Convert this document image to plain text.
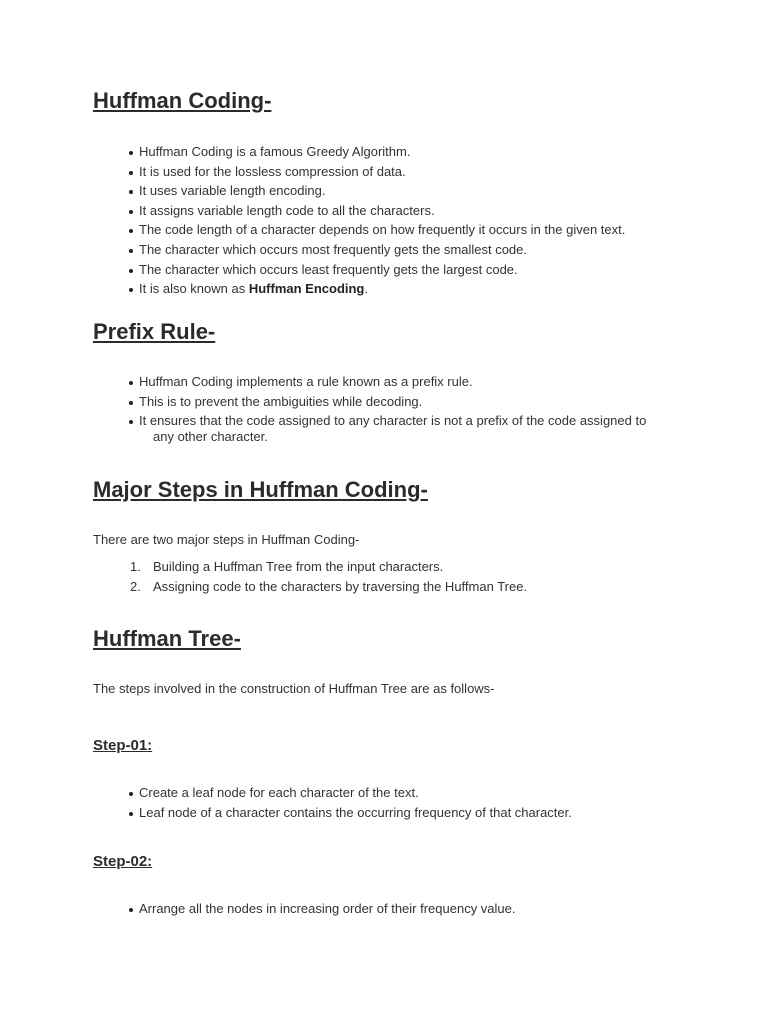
Huffman Coding-
Huffman Coding is a famous Greedy Algorithm.
It is used for the lossless compression of data.
It uses variable length encoding.
It assigns variable length code to all the characters.
The code length of a character depends on how frequently it occurs in the given text.
The character which occurs most frequently gets the smallest code.
The character which occurs least frequently gets the largest code.
It is also known as Huffman Encoding.
Prefix Rule-
Huffman Coding implements a rule known as a prefix rule.
This is to prevent the ambiguities while decoding.
It ensures that the code assigned to any character is not a prefix of the code assigned to any other character.
Major Steps in Huffman Coding-

There are two major steps in Huffman Coding-

1. Building a Huffman Tree from the input characters.
2. Assigning code to the characters by traversing the Huffman Tree.
Huffman Tree-

The steps involved in the construction of Huffman Tree are as follows-

Step-01:
Create a leaf node for each character of the text.
Leaf node of a character contains the occurring frequency of that character.
Step-02:
Arrange all the nodes in increasing order of their frequency value.
